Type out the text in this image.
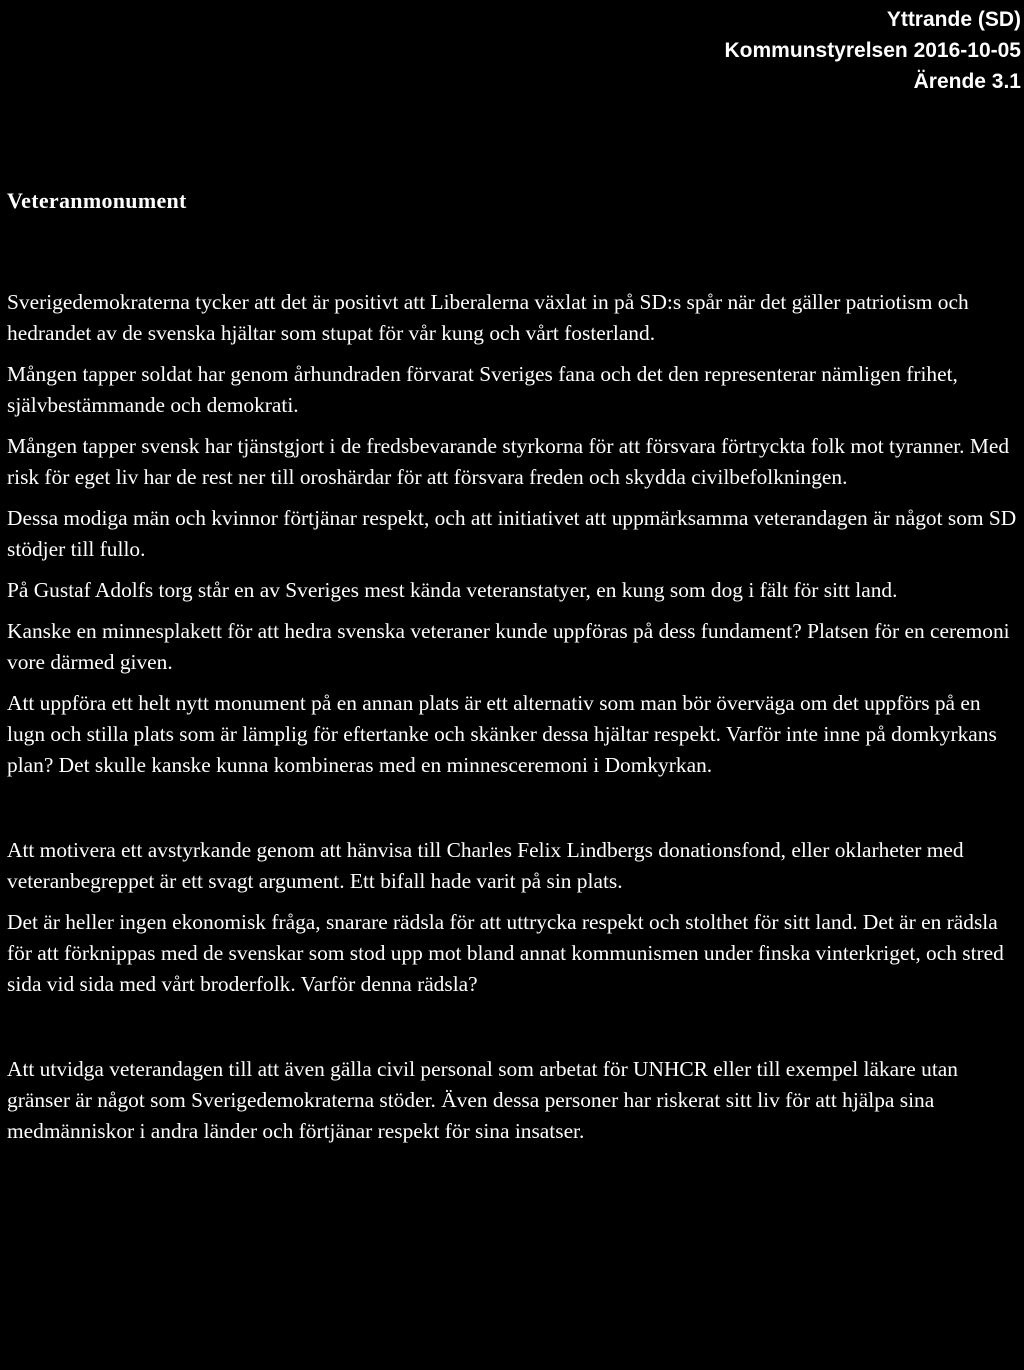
Yttrande (SD)
Kommunstyrelsen 2016-10-05
Ärende 3.1
Veteranmonument

Sverigedemokraterna tycker att det är positivt att Liberalerna växlat in på SD:s spår när det gäller patriotism och hedrandet av de svenska hjältar som stupat för vår kung och vårt fosterland.

Mången tapper soldat har genom århundraden förvarat Sveriges fana och det den representerar nämligen frihet, självbestämmande och demokrati.

Mången tapper svensk har tjänstgjort i de fredsbevarande styrkorna för att försvara förtryckta folk mot tyranner. Med risk för eget liv har de rest ner till oroshärdar för att försvara freden och skydda civilbefolkningen.

Dessa modiga män och kvinnor förtjänar respekt, och att initiativet att uppmärksamma veterandagen är något som SD stödjer till fullo.

På Gustaf Adolfs torg står en av Sveriges mest kända veteranstatyer, en kung som dog i fält för sitt land.

Kanske en minnesplakett för att hedra svenska veteraner kunde uppföras på dess fundament? Platsen för en ceremoni vore därmed given.

Att uppföra ett helt nytt monument på en annan plats är ett alternativ som man bör överväga om det uppförs på en lugn och stilla plats som är lämplig för eftertanke och skänker dessa hjältar respekt. Varför inte inne på domkyrkans plan? Det skulle kanske kunna kombineras med en minnesceremoni i Domkyrkan.

Att motivera ett avstyrkande genom att hänvisa till Charles Felix Lindbergs donationsfond, eller oklarheter med veteranbegreppet är ett svagt argument. Ett bifall hade varit på sin plats.

Det är heller ingen ekonomisk fråga, snarare rädsla för att uttrycka respekt och stolthet för sitt land. Det är en rädsla för att förknippas med de svenskar som stod upp mot bland annat kommunismen under finska vinterkriget, och stred sida vid sida med vårt broderfolk. Varför denna rädsla?

Att utvidga veterandagen till att även gälla civil personal som arbetat för UNHCR eller till exempel läkare utan gränser är något som Sverigedemokraterna stöder. Även dessa personer har riskerat sitt liv för att hjälpa sina medmänniskor i andra länder och förtjänar respekt för sina insatser.
